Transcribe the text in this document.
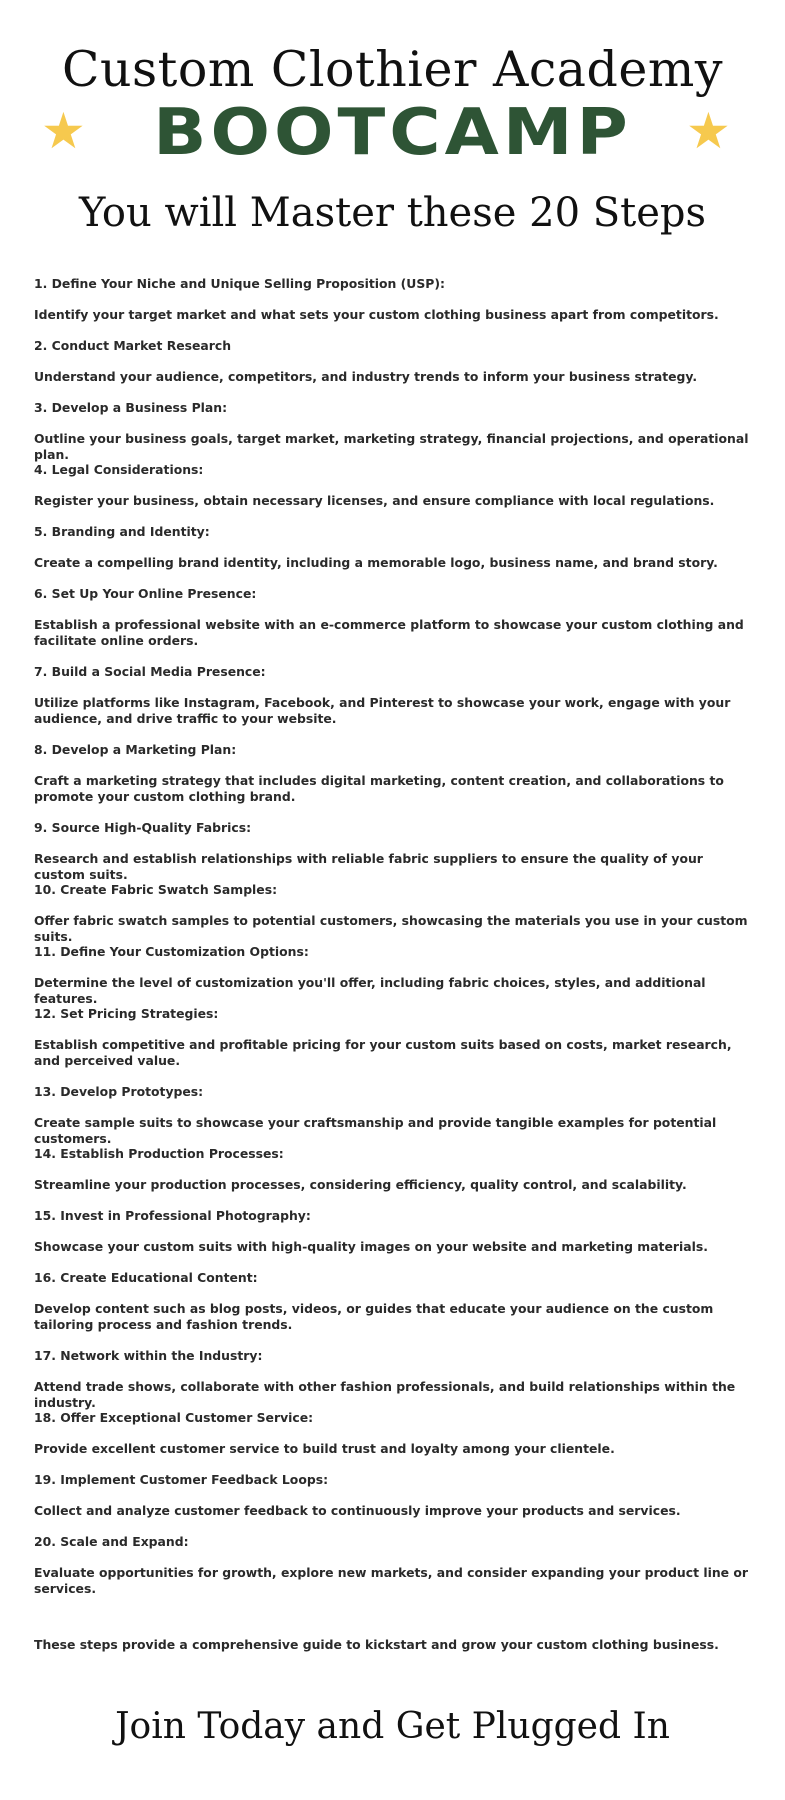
Custom Clothier Academy
★ BOOTCAMP	★
You will Master these 20 Steps
1. Define Your Niche and Unique Selling Proposition (USP):
Identify your target market and what sets your custom clothing business apart from competitors.
2. Conduct Market Research
Understand your audience, competitors, and industry trends to inform your business strategy.
3. Develop a Business Plan:
Outline your business goals, target market, marketing strategy, financial projections, and operational plan.
4. Legal Considerations:
Register your business, obtain necessary licenses, and ensure compliance with local regulations.
5. Branding and Identity:
Create a compelling brand identity, including a memorable logo, business name, and brand story.
6. Set Up Your Online Presence:
Establish a professional website with an e-commerce platform to showcase your custom clothing and facilitate online orders.
7. Build a Social Media Presence:
Utilize platforms like Instagram, Facebook, and Pinterest to showcase your work, engage with your audience, and drive traffic to your website.
8. Develop a Marketing Plan:
Craft a marketing strategy that includes digital marketing, content creation, and collaborations to promote your custom clothing brand.
9. Source High-Quality Fabrics:
Research and establish relationships with reliable fabric suppliers to ensure the quality of your custom suits.
10. Create Fabric Swatch Samples:
Offer fabric swatch samples to potential customers, showcasing the materials you use in your custom suits.
11. Define Your Customization Options:
Determine the level of customization you'll offer, including fabric choices, styles, and additional features.
12. Set Pricing Strategies:
Establish competitive and profitable pricing for your custom suits based on costs, market research, and perceived value.
13. Develop Prototypes:
Create sample suits to showcase your craftsmanship and provide tangible examples for potential customers.
14. Establish Production Processes:
Streamline your production processes, considering efficiency, quality control, and scalability.
15. Invest in Professional Photography:
Showcase your custom suits with high-quality images on your website and marketing materials.
16. Create Educational Content:
Develop content such as blog posts, videos, or guides that educate your audience on the custom tailoring process and fashion trends.
17. Network within the Industry:
Attend trade shows, collaborate with other fashion professionals, and build relationships within the industry.
18. Offer Exceptional Customer Service:
Provide excellent customer service to build trust and loyalty among your clientele.
19. Implement Customer Feedback Loops:
Collect and analyze customer feedback to continuously improve your products and services.
20. Scale and Expand:
Evaluate opportunities for growth, explore new markets, and consider expanding your product line or services.
These steps provide a comprehensive guide to kickstart and grow your custom clothing business.
Join Today and Get Plugged In
